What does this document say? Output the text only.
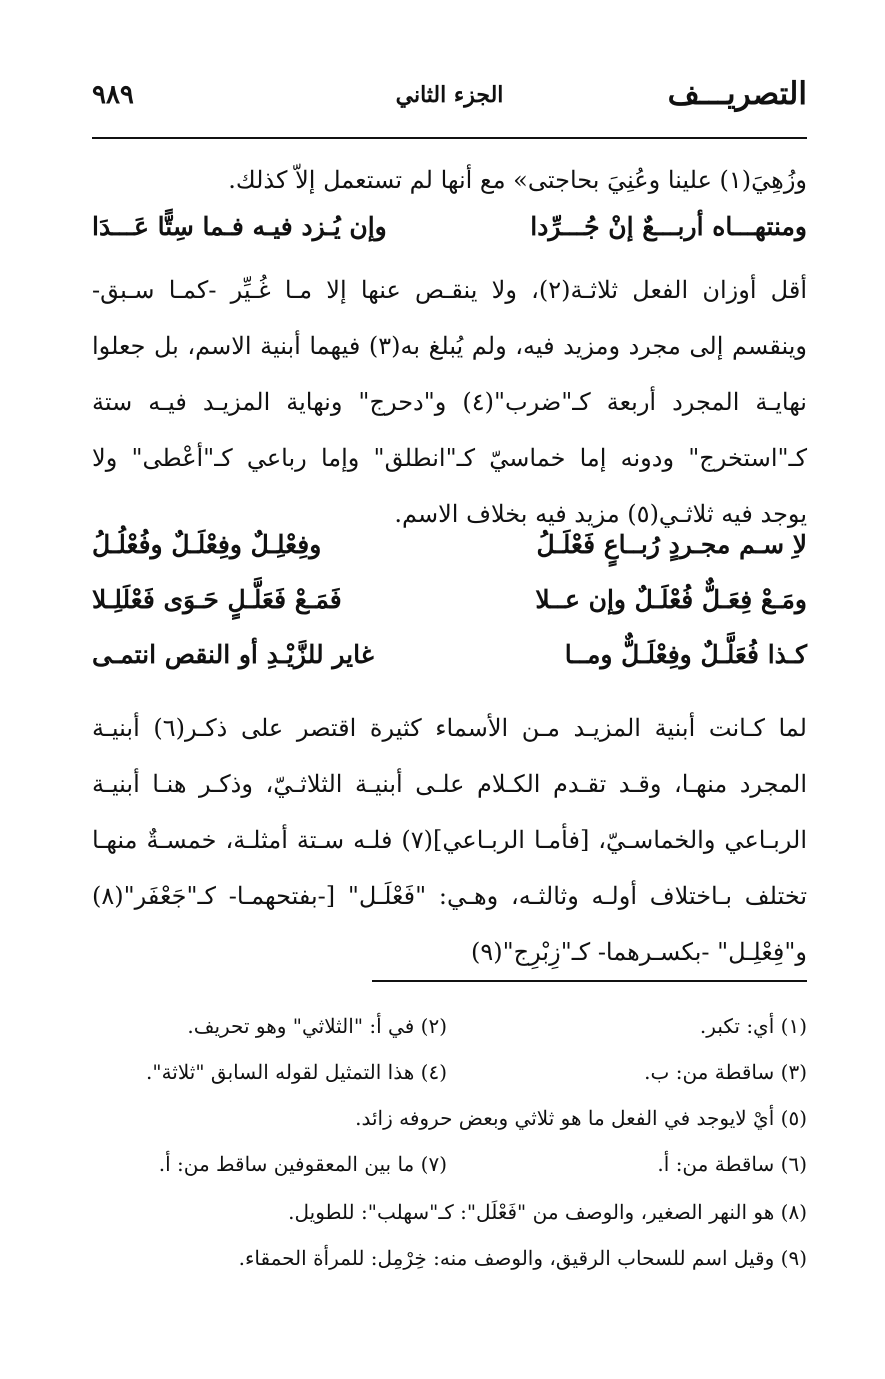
التصريـــف
الجزء الثاني
٩٨٩
وزُهِيَ(١) علينا وعُنِيَ بحاجتى» مع أنها لم تستعمل إلاّ كذلك.
ومنتهـــاه أربـــعٌ إنْ جُـــرِّدا
وإن يُـزد فيـه فـما سِتًّا عَـــدَا
أقل أوزان الفعل ثلاثـة(٢)، ولا ينقـص عنها إلا مـا غُـيِّر -كمـا سـبق- وينقسم إلى مجرد ومزيد فيه، ولم يُبلغ به(٣) فيهما أبنية الاسم، بل جعلوا نهايـة المجرد أربعة كـ"ضرب"(٤) و"دحرج" ونهاية المزيـد فيـه ستة كـ"استخرج" ودونه إما خماسيّ كـ"انطلق" وإما رباعي كـ"أعْطى" ولا يوجد فيه ثلاثـي(٥) مزيد فيه بخلاف الاسم.
لاِ سـم مجـردٍ رُبــاعٍ فَعْلَـلُ
وفِعْلِـلٌ وفِعْلَـلٌ وفُعْلُـلُ
ومَـعْ فِعَـلٌّ فُعْلَـلٌ وإن عــلا
فَمَـعْ فَعَلَّـلٍ حَـوَى فَعْلَلِـلا
كـذا فُعَلَّـلٌ وفِعْلَـلٌّ ومــا
غاير للزَّيْـدِ أو النقص انتمـى
لما كـانت أبنية المزيـد مـن الأسماء كثيرة اقتصر على ذكـر(٦) أبنيـة المجرد منهـا، وقـد تقـدم الكـلام علـى أبنيـة الثلاثـيّ، وذكـر هنـا أبنيـة الربـاعي والخماسـيّ، [فأمـا الربـاعي](٧) فلـه سـتة أمثلـة، خمسـةٌ منهـا تختلف بـاختلاف أولـه وثالثـه، وهـي: "فَعْلَـل" [-بفتحهمـا- كـ"جَعْفَر"(٨) و"فِعْلِـل" -بكسـرهما- كـ"زِبْرِج"(٩)
(١) أي: تكبر.
(٢) في أ: "الثلاثي" وهو تحريف.
(٣) ساقطة من: ب.
(٤) هذا التمثيل لقوله السابق "ثلاثة".
(٥) أيْ لايوجد في الفعل ما هو ثلاثي وبعض حروفه زائد.
(٦) ساقطة من: أ.
(٧) ما بين المعقوفين ساقط من: أ.
(٨) هو النهر الصغير، والوصف من "فَعْلَل": كـ"سهلب": للطويل.
(٩) وقيل اسم للسحاب الرقيق، والوصف منه: خِرْمِل: للمرأة الحمقاء.
